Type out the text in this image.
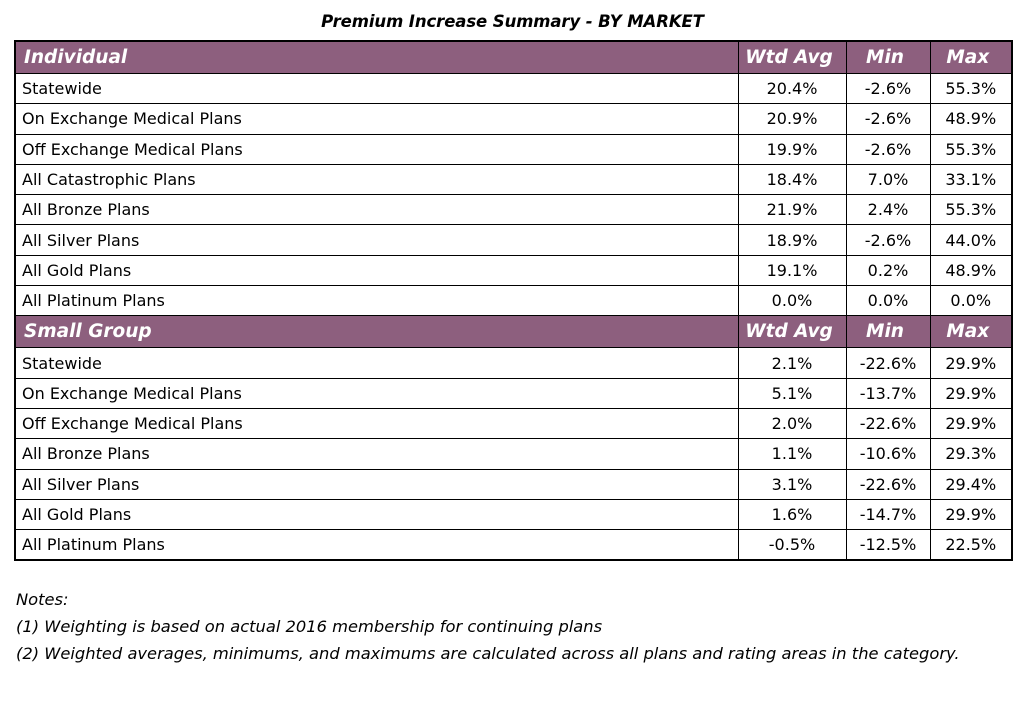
Premium Increase Summary - BY MARKET
Individual	Wtd Avg	Min	Max
Statewide	20.4%	-2.6%	55.3%
On Exchange Medical Plans	20.9%	-2.6%	48.9%
Off Exchange Medical Plans	19.9%	-2.6%	55.3%
All Catastrophic Plans	18.4%	7.0%	33.1%
All Bronze Plans	21.9%	2.4%	55.3%
All Silver Plans	18.9%	-2.6%	44.0%
All Gold Plans	19.1%	0.2%	48.9%
All Platinum Plans	0.0%	0.0%	0.0%
Small Group	Wtd Avg	Min	Max
Statewide	2.1%	-22.6%	29.9%
On Exchange Medical Plans	5.1%	-13.7%	29.9%
Off Exchange Medical Plans	2.0%	-22.6%	29.9%
All Bronze Plans	1.1%	-10.6%	29.3%
All Silver Plans	3.1%	-22.6%	29.4%
All Gold Plans	1.6%	-14.7%	29.9%
All Platinum Plans	-0.5%	-12.5%	22.5%
Notes:
(1) Weighting is based on actual 2016 membership for continuing plans
(2) Weighted averages, minimums, and maximums are calculated across all plans and rating areas in the category.
